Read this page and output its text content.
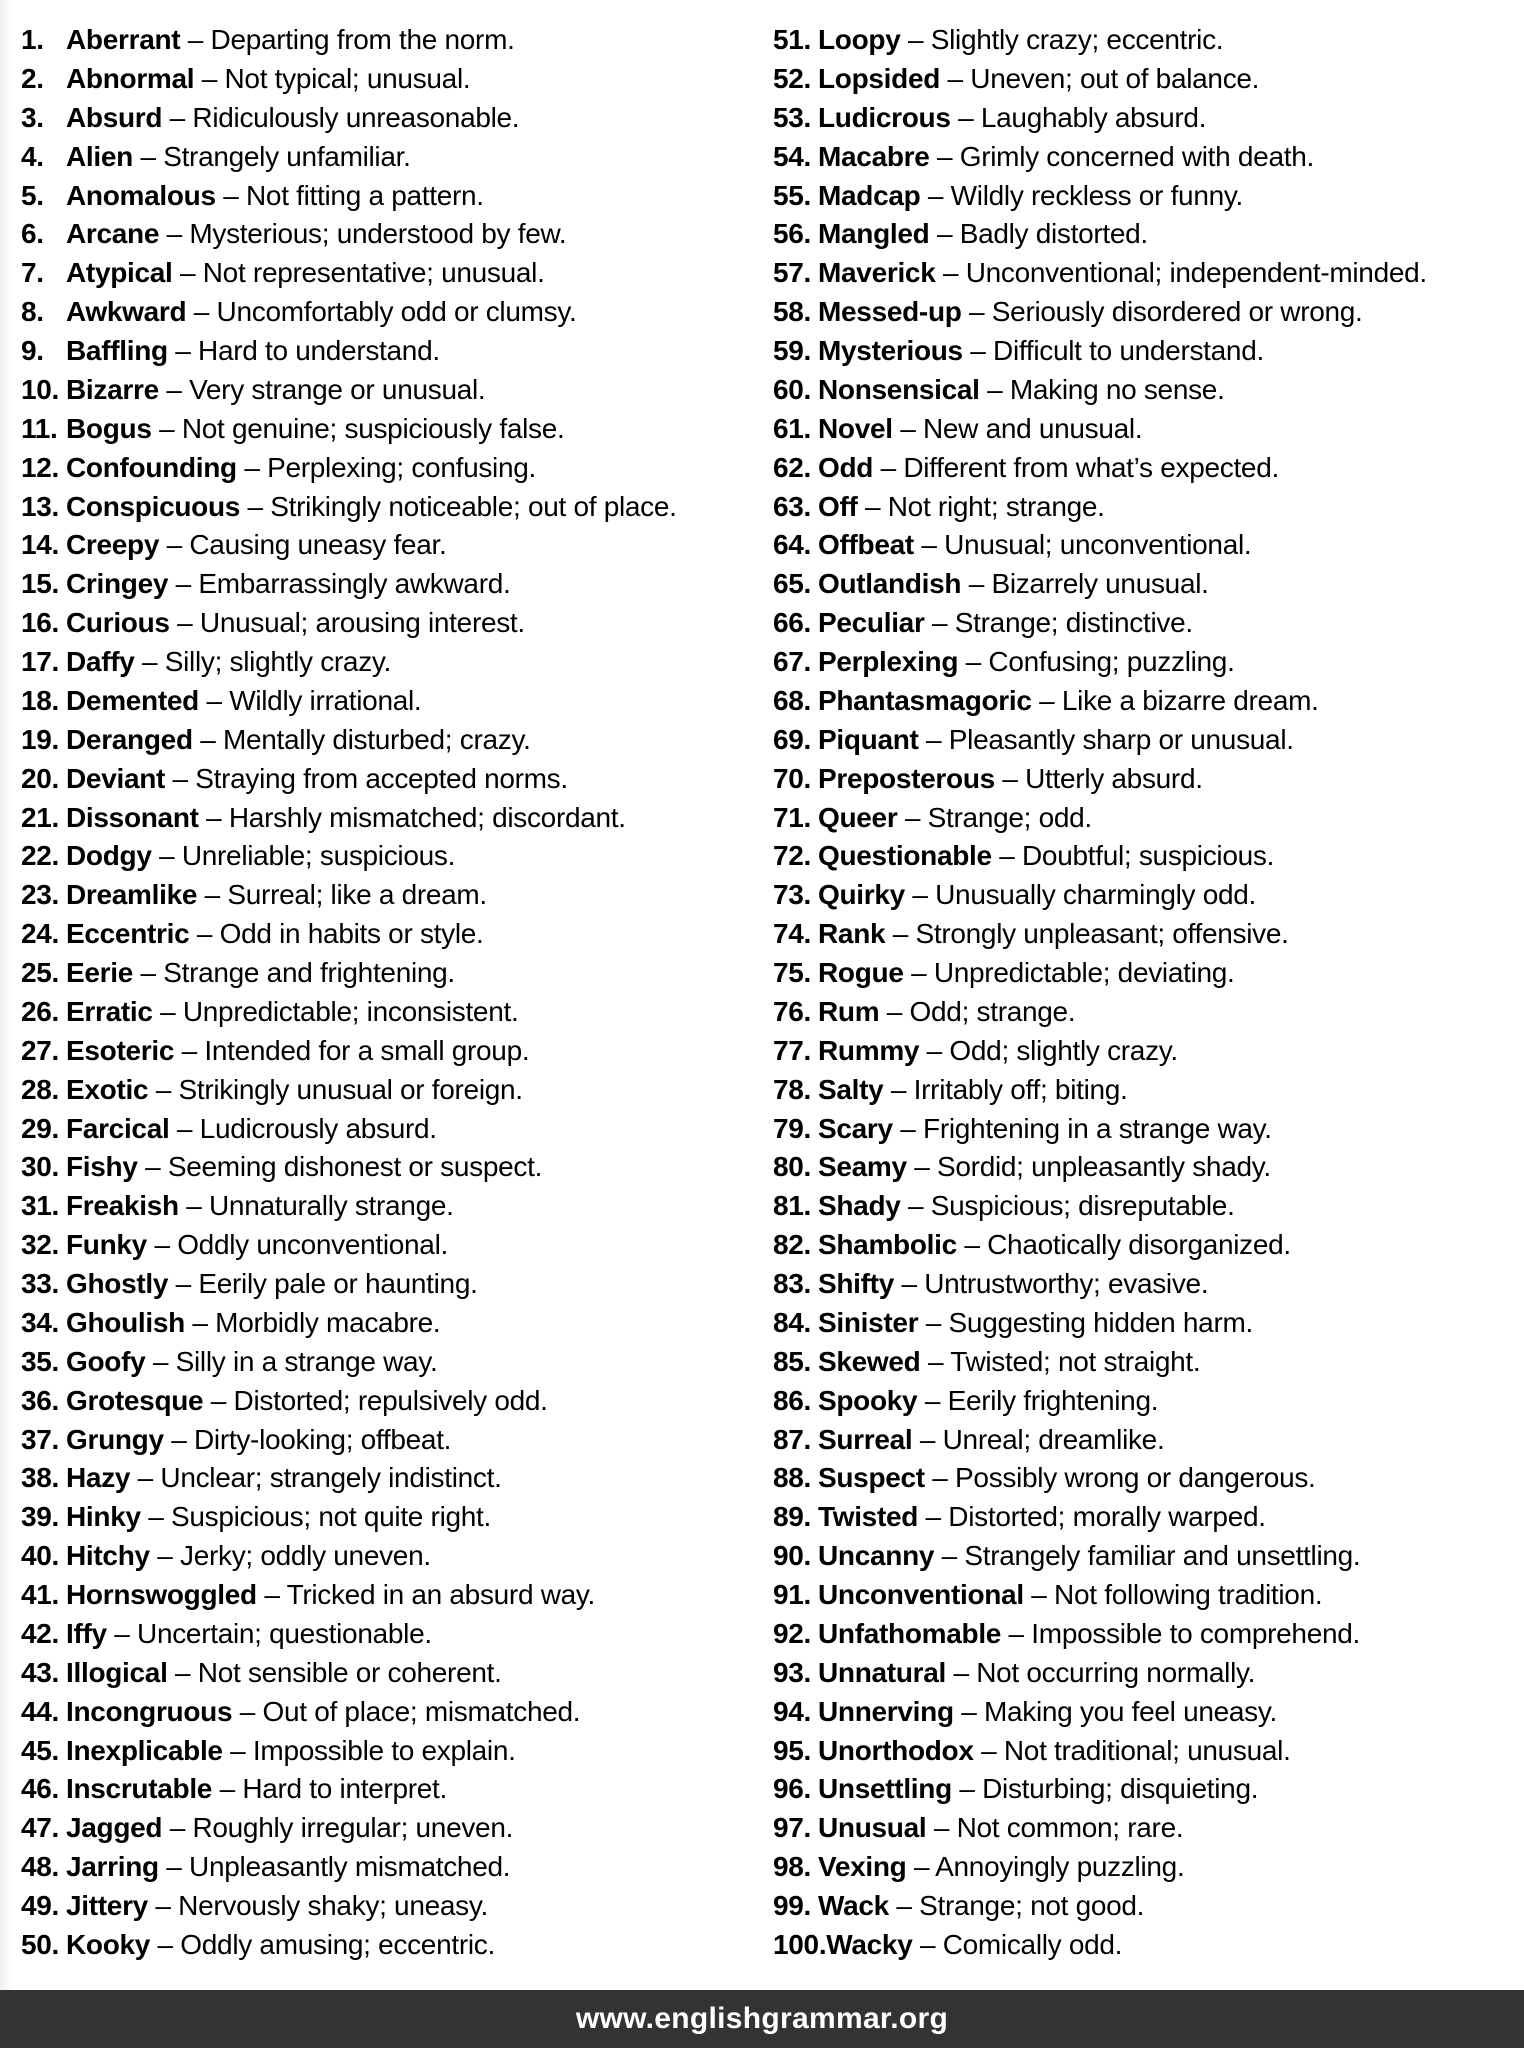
1. Aberrant – Departing from the norm.
2. Abnormal – Not typical; unusual.
3. Absurd – Ridiculously unreasonable.
4. Alien – Strangely unfamiliar.
5. Anomalous – Not fitting a pattern.
6. Arcane – Mysterious; understood by few.
7. Atypical – Not representative; unusual.
8. Awkward – Uncomfortably odd or clumsy.
9. Baffling – Hard to understand.
10. Bizarre – Very strange or unusual.
11. Bogus – Not genuine; suspiciously false.
12. Confounding – Perplexing; confusing.
13. Conspicuous – Strikingly noticeable; out of place.
14. Creepy – Causing uneasy fear.
15. Cringey – Embarrassingly awkward.
16. Curious – Unusual; arousing interest.
17. Daffy – Silly; slightly crazy.
18. Demented – Wildly irrational.
19. Deranged – Mentally disturbed; crazy.
20. Deviant – Straying from accepted norms.
21. Dissonant – Harshly mismatched; discordant.
22. Dodgy – Unreliable; suspicious.
23. Dreamlike – Surreal; like a dream.
24. Eccentric – Odd in habits or style.
25. Eerie – Strange and frightening.
26. Erratic – Unpredictable; inconsistent.
27. Esoteric – Intended for a small group.
28. Exotic – Strikingly unusual or foreign.
29. Farcical – Ludicrously absurd.
30. Fishy – Seeming dishonest or suspect.
31. Freakish – Unnaturally strange.
32. Funky – Oddly unconventional.
33. Ghostly – Eerily pale or haunting.
34. Ghoulish – Morbidly macabre.
35. Goofy – Silly in a strange way.
36. Grotesque – Distorted; repulsively odd.
37. Grungy – Dirty-looking; offbeat.
38. Hazy – Unclear; strangely indistinct.
39. Hinky – Suspicious; not quite right.
40. Hitchy – Jerky; oddly uneven.
41. Hornswoggled – Tricked in an absurd way.
42. Iffy – Uncertain; questionable.
43. Illogical – Not sensible or coherent.
44. Incongruous – Out of place; mismatched.
45. Inexplicable – Impossible to explain.
46. Inscrutable – Hard to interpret.
47. Jagged – Roughly irregular; uneven.
48. Jarring – Unpleasantly mismatched.
49. Jittery – Nervously shaky; uneasy.
50. Kooky – Oddly amusing; eccentric.
51. Loopy – Slightly crazy; eccentric.
52. Lopsided – Uneven; out of balance.
53. Ludicrous – Laughably absurd.
54. Macabre – Grimly concerned with death.
55. Madcap – Wildly reckless or funny.
56. Mangled – Badly distorted.
57. Maverick – Unconventional; independent-minded.
58. Messed-up – Seriously disordered or wrong.
59. Mysterious – Difficult to understand.
60. Nonsensical – Making no sense.
61. Novel – New and unusual.
62. Odd – Different from what’s expected.
63. Off – Not right; strange.
64. Offbeat – Unusual; unconventional.
65. Outlandish – Bizarrely unusual.
66. Peculiar – Strange; distinctive.
67. Perplexing – Confusing; puzzling.
68. Phantasmagoric – Like a bizarre dream.
69. Piquant – Pleasantly sharp or unusual.
70. Preposterous – Utterly absurd.
71. Queer – Strange; odd.
72. Questionable – Doubtful; suspicious.
73. Quirky – Unusually charmingly odd.
74. Rank – Strongly unpleasant; offensive.
75. Rogue – Unpredictable; deviating.
76. Rum – Odd; strange.
77. Rummy – Odd; slightly crazy.
78. Salty – Irritably off; biting.
79. Scary – Frightening in a strange way.
80. Seamy – Sordid; unpleasantly shady.
81. Shady – Suspicious; disreputable.
82. Shambolic – Chaotically disorganized.
83. Shifty – Untrustworthy; evasive.
84. Sinister – Suggesting hidden harm.
85. Skewed – Twisted; not straight.
86. Spooky – Eerily frightening.
87. Surreal – Unreal; dreamlike.
88. Suspect – Possibly wrong or dangerous.
89. Twisted – Distorted; morally warped.
90. Uncanny – Strangely familiar and unsettling.
91. Unconventional – Not following tradition.
92. Unfathomable – Impossible to comprehend.
93. Unnatural – Not occurring normally.
94. Unnerving – Making you feel uneasy.
95. Unorthodox – Not traditional; unusual.
96. Unsettling – Disturbing; disquieting.
97. Unusual – Not common; rare.
98. Vexing – Annoyingly puzzling.
99. Wack – Strange; not good.
100. Wacky – Comically odd.
www.englishgrammar.org
